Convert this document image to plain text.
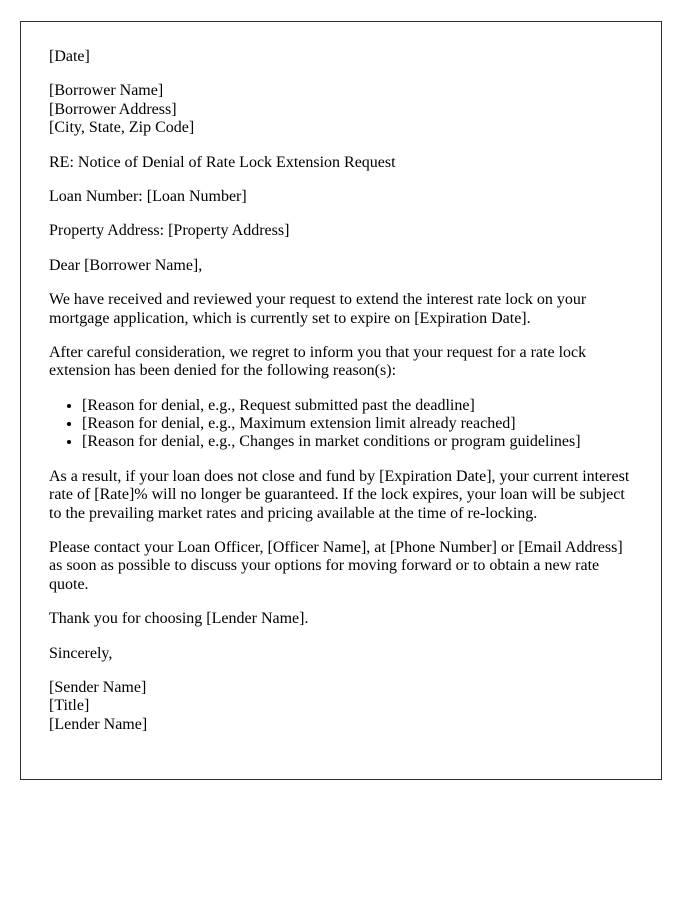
[Date]

[Borrower Name]
[Borrower Address]
[City, State, Zip Code]

RE: Notice of Denial of Rate Lock Extension Request

Loan Number: [Loan Number]

Property Address: [Property Address]

Dear [Borrower Name],

We have received and reviewed your request to extend the interest rate lock on your mortgage application, which is currently set to expire on [Expiration Date].

After careful consideration, we regret to inform you that your request for a rate lock extension has been denied for the following reason(s):

• [Reason for denial, e.g., Request submitted past the deadline]
• [Reason for denial, e.g., Maximum extension limit already reached]
• [Reason for denial, e.g., Changes in market conditions or program guidelines]

As a result, if your loan does not close and fund by [Expiration Date], your current interest rate of [Rate]% will no longer be guaranteed. If the lock expires, your loan will be subject to the prevailing market rates and pricing available at the time of re-locking.

Please contact your Loan Officer, [Officer Name], at [Phone Number] or [Email Address] as soon as possible to discuss your options for moving forward or to obtain a new rate quote.

Thank you for choosing [Lender Name].

Sincerely,

[Sender Name]
[Title]
[Lender Name]
